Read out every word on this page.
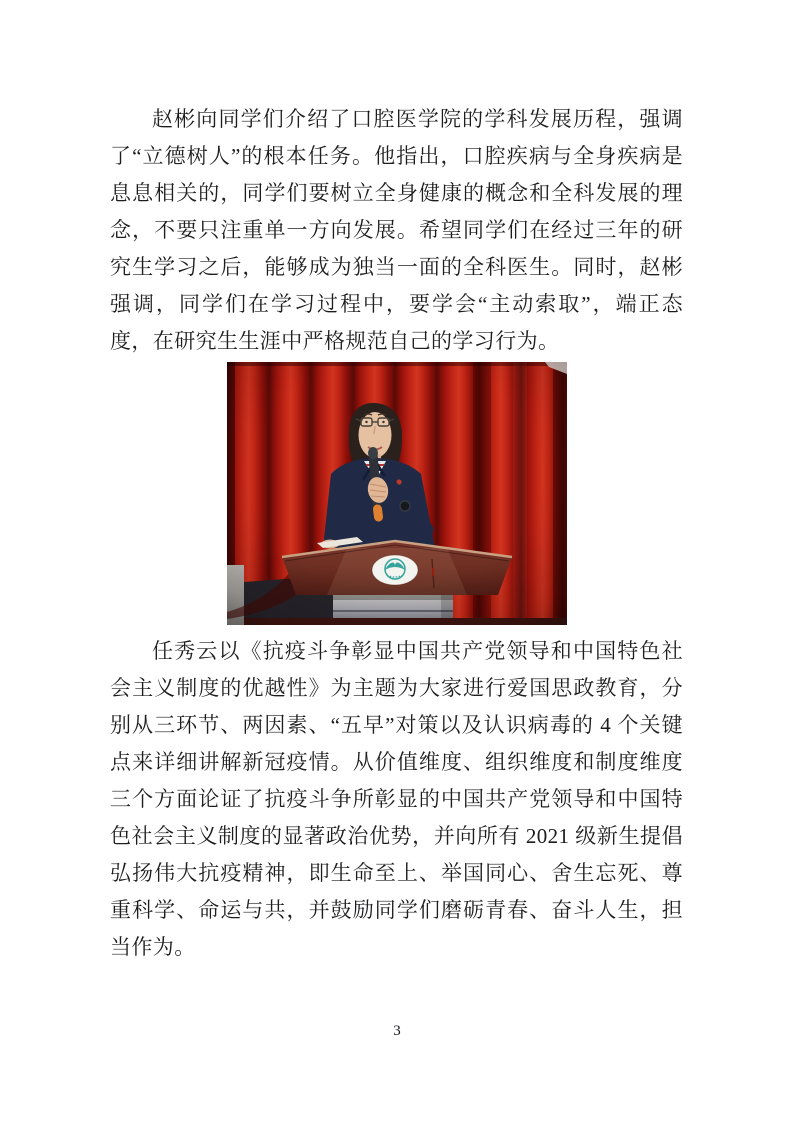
赵彬向同学们介绍了口腔医学院的学科发展历程，强调了“立德树人”的根本任务。他指出，口腔疾病与全身疾病是息息相关的，同学们要树立全身健康的概念和全科发展的理念，不要只注重单一方向发展。希望同学们在经过三年的研究生学习之后，能够成为独当一面的全科医生。同时，赵彬强调，同学们在学习过程中，要学会“主动索取”，端正态度，在研究生生涯中严格规范自己的学习行为。

任秀云以《抗疫斗争彰显中国共产党领导和中国特色社会主义制度的优越性》为主题为大家进行爱国思政教育，分别从三环节、两因素、“五早”对策以及认识病毒的 4 个关键点来详细讲解新冠疫情。从价值维度、组织维度和制度维度三个方面论证了抗疫斗争所彰显的中国共产党领导和中国特色社会主义制度的显著政治优势，并向所有 2021 级新生提倡弘扬伟大抗疫精神，即生命至上、举国同心、舍生忘死、尊重科学、命运与共，并鼓励同学们磨砺青春、奋斗人生，担当作为。

3
